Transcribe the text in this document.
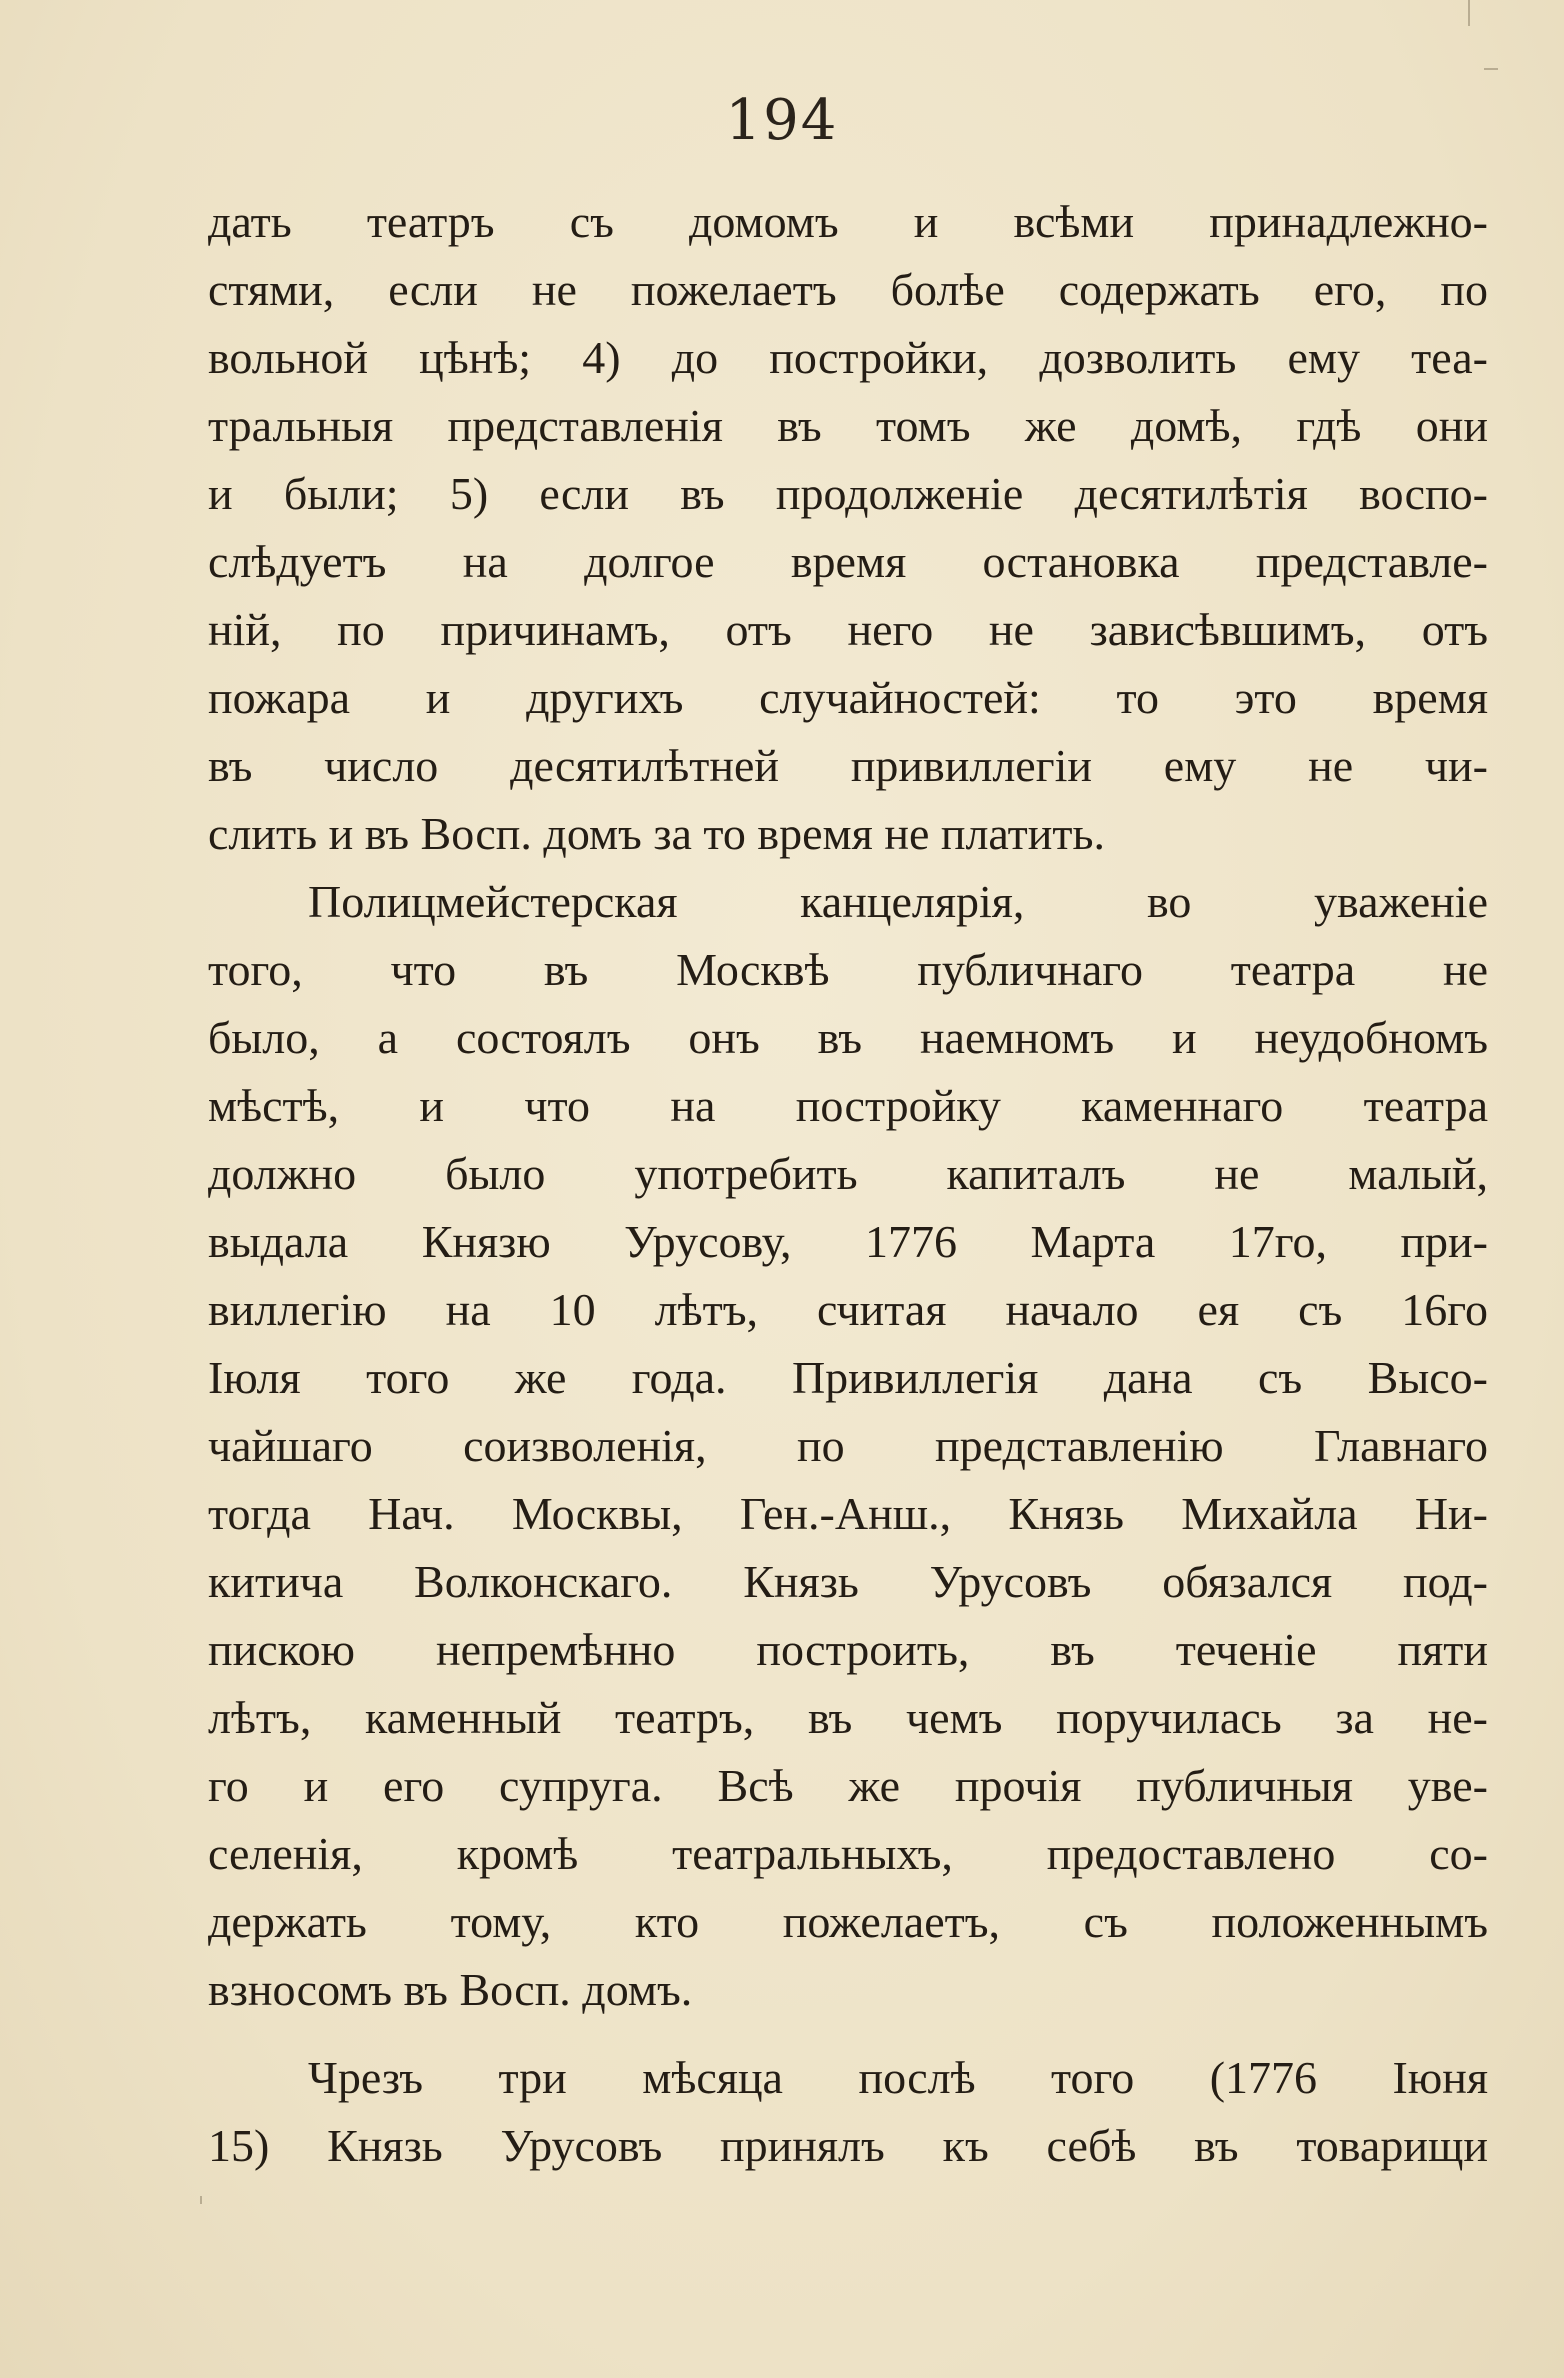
194
дать театръ съ домомъ и всѣми принадлежно-
стями, если не пожелаетъ болѣе содержать его, по
вольной цѣнѣ; 4) до постройки, дозволить ему теа-
тральныя представленія въ томъ же домѣ, гдѣ они
и были; 5) если въ продолженіе десятилѣтія воспо-
слѣдуетъ на долгое время остановка представле-
ній, по причинамъ, отъ него не зависѣвшимъ, отъ
пожара и другихъ случайностей: то это время
въ число десятилѣтней привиллегіи ему не чи-
слить и въ Восп. домъ за то время не платить.
Полицмейстерская канцелярія, во уваженіе
того, что въ Москвѣ публичнаго театра не
было, а состоялъ онъ въ наемномъ и неудобномъ
мѣстѣ, и что на постройку каменнаго театра
должно было употребить капиталъ не малый,
выдала Князю Урусову, 1776 Марта 17го, при-
виллегію на 10 лѣтъ, считая начало ея съ 16го
Іюля того же года. Привиллегія дана съ Высо-
чайшаго соизволенія, по представленію Главнаго
тогда Нач. Москвы, Ген.-Анш., Князь Михайла Ни-
китича Волконскаго. Князь Урусовъ обязался под-
пискою непремѣнно построить, въ теченіе пяти
лѣтъ, каменный театръ, въ чемъ поручилась за не-
го и его супруга. Всѣ же прочія публичныя уве-
селенія, кромѣ театральныхъ, предоставлено со-
держать тому, кто пожелаетъ, съ положеннымъ
взносомъ въ Восп. домъ.
Чрезъ три мѣсяца послѣ того (1776 Іюня
15) Князь Урусовъ принялъ къ себѣ въ товарищи
